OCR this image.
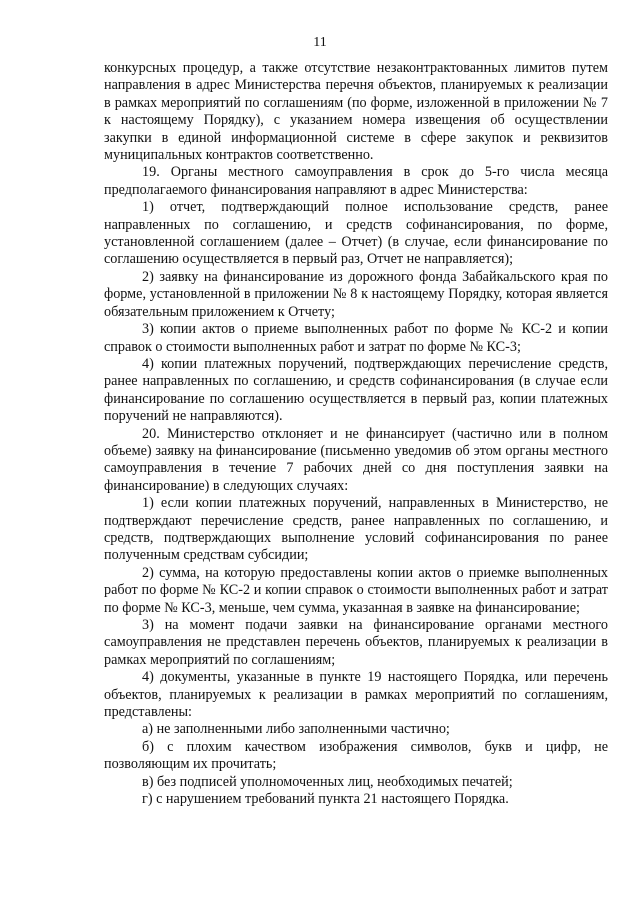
11

конкурсных процедур, а также отсутствие незаконтрактованных лимитов путем направления в адрес Министерства перечня объектов, планируемых к реализации в рамках мероприятий по соглашениям (по форме, изложенной в приложении № 7 к настоящему Порядку), с указанием номера извещения об осуществлении закупки в единой информационной системе в сфере закупок и реквизитов муниципальных контрактов соответственно.

19. Органы местного самоуправления в срок до 5-го числа месяца предполагаемого финансирования направляют в адрес Министерства:

1) отчет, подтверждающий полное использование средств, ранее направленных по соглашению, и средств софинансирования, по форме, установленной соглашением (далее – Отчет) (в случае, если финансирование по соглашению осуществляется в первый раз, Отчет не направляется);

2) заявку на финансирование из дорожного фонда Забайкальского края по форме, установленной в приложении № 8 к настоящему Порядку, которая является обязательным приложением к Отчету;

3) копии актов о приеме выполненных работ по форме № КС-2 и копии справок о стоимости выполненных работ и затрат по форме № КС-3;

4) копии платежных поручений, подтверждающих перечисление средств, ранее направленных по соглашению, и средств софинансирования (в случае если финансирование по соглашению осуществляется в первый раз, копии платежных поручений не направляются).

20. Министерство отклоняет и не финансирует (частично или в полном объеме) заявку на финансирование (письменно уведомив об этом органы местного самоуправления в течение 7 рабочих дней со дня поступления заявки на финансирование) в следующих случаях:

1) если копии платежных поручений, направленных в Министерство, не подтверждают перечисление средств, ранее направленных по соглашению, и средств, подтверждающих выполнение условий софинансирования по ранее полученным средствам субсидии;

2) сумма, на которую предоставлены копии актов о приемке выполненных работ по форме № КС-2 и копии справок о стоимости выполненных работ и затрат по форме № КС-3, меньше, чем сумма, указанная в заявке на финансирование;

3) на момент подачи заявки на финансирование органами местного самоуправления не представлен перечень объектов, планируемых к реализации в рамках мероприятий по соглашениям;

4) документы, указанные в пункте 19 настоящего Порядка, или перечень объектов, планируемых к реализации в рамках мероприятий по соглашениям, представлены:

а) не заполненными либо заполненными частично;

б) с плохим качеством изображения символов, букв и цифр, не позволяющим их прочитать;

в) без подписей уполномоченных лиц, необходимых печатей;

г) с нарушением требований пункта 21 настоящего Порядка.
